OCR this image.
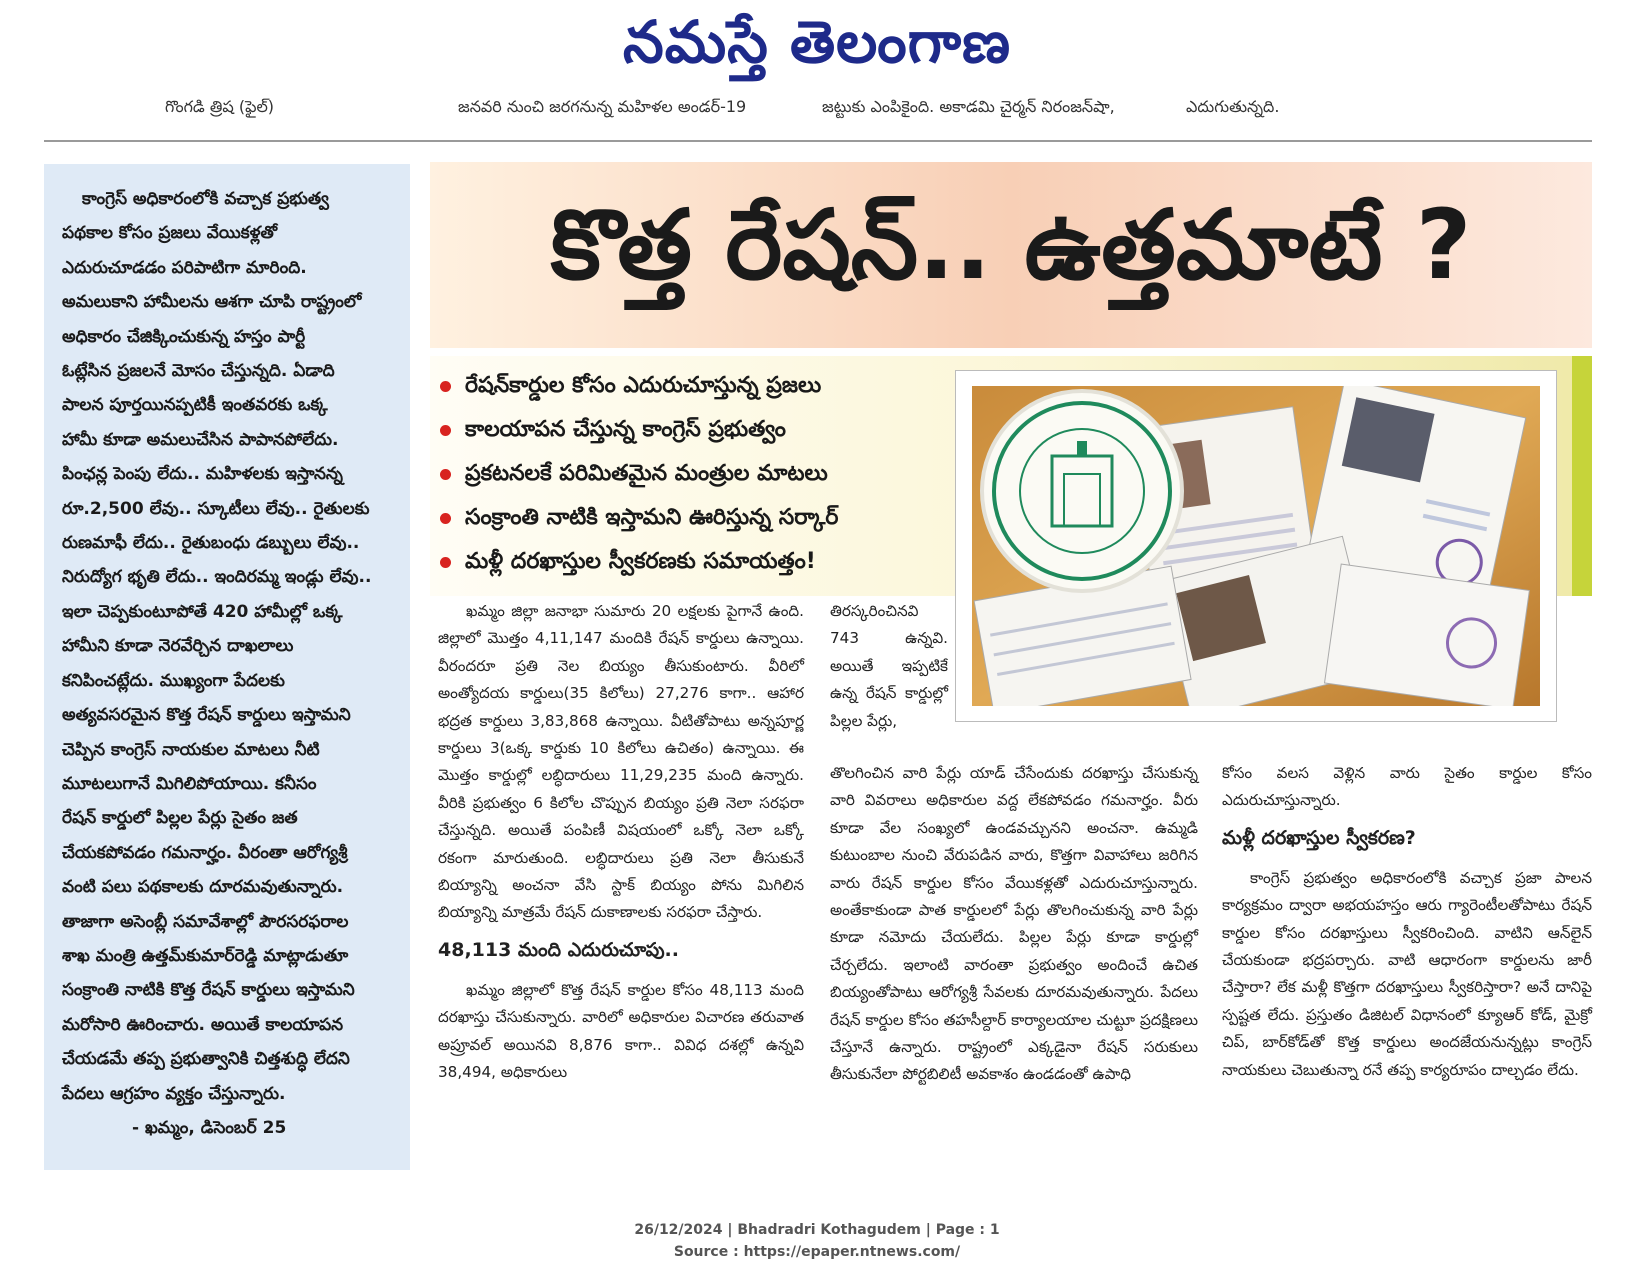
నమస్తే తెలంగాణ
గొంగడి త్రిష (ఫైల్)	జనవరి నుంచి జరగనున్న మహిళల అండర్-19	జట్టుకు ఎంపికైంది. అకాడమి చైర్మన్ నిరంజన్‌షా,	ఎదుగుతున్నది.

కాంగ్రెస్ అధికారంలోకి వచ్చాక ప్రభుత్వ

పథకాల కోసం ప్రజలు వేయికళ్లతో

ఎదురుచూడడం పరిపాటిగా మారింది.

అమలుకాని హామీలను ఆశగా చూపి రాష్ట్రంలో

అధికారం చేజిక్కించుకున్న హస్తం పార్టీ

ఓట్లేసిన ప్రజలనే మోసం చేస్తున్నది. ఏడాది

పాలన పూర్తయినప్పటికీ ఇంతవరకు ఒక్క

హామీ కూడా అమలుచేసిన పాపానపోలేదు.

పింఛన్ల పెంపు లేదు.. మహిళలకు ఇస్తానన్న

రూ.2,500 లేవు.. స్కూటీలు లేవు.. రైతులకు

రుణమాఫీ లేదు.. రైతుబంధు డబ్బులు లేవు..

నిరుద్యోగ భృతి లేదు.. ఇందిరమ్మ ఇండ్లు లేవు..

ఇలా చెప్పకుంటూపోతే 420 హామీల్లో ఒక్క

హామీని కూడా నెరవేర్చిన దాఖలాలు

కనిపించట్లేదు. ముఖ్యంగా పేదలకు

అత్యవసరమైన కొత్త రేషన్ కార్డులు ఇస్తామని

చెప్పిన కాంగ్రెస్ నాయకుల మాటలు నీటి

మూటలుగానే మిగిలిపోయాయి. కనీసం

రేషన్ కార్డులో పిల్లల పేర్లు సైతం జత

చేయకపోవడం గమనార్హం. వీరంతా ఆరోగ్యశ్రీ

వంటి పలు పథకాలకు దూరమవుతున్నారు.

తాజాగా అసెంబ్లీ సమావేశాల్లో పౌరసరఫరాల

శాఖ మంత్రి ఉత్తమ్‌కుమార్‌రెడ్డి మాట్లాడుతూ

సంక్రాంతి నాటికి కొత్త రేషన్ కార్డులు ఇస్తామని

మరోసారి ఊరించారు. అయితే కాలయాపన

చేయడమే తప్ప ప్రభుత్వానికి చిత్తశుద్ధి లేదని

పేదలు ఆగ్రహం వ్యక్తం చేస్తున్నారు.

- ఖమ్మం, డిసెంబర్ 25

కొత్త రేషన్.. ఉత్తమాటే ?
రేషన్‌కార్డుల కోసం ఎదురుచూస్తున్న ప్రజలు
కాలయాపన చేస్తున్న కాంగ్రెస్ ప్రభుత్వం
ప్రకటనలకే పరిమితమైన మంత్రుల మాటలు
సంక్రాంతి నాటికి ఇస్తామని ఊరిస్తున్న సర్కార్
మళ్లీ దరఖాస్తుల స్వీకరణకు సమాయత్తం!

ఖమ్మం జిల్లా జనాభా సుమారు 20 లక్షలకు పైగానే ఉంది. జిల్లాలో మొత్తం 4,11,147 మందికి రేషన్ కార్డులు ఉన్నాయి. వీరందరూ ప్రతి నెల బియ్యం తీసుకుంటారు. వీరిలో అంత్యోదయ కార్డులు(35 కిలోలు) 27,276 కాగా.. ఆహార భద్రత కార్డులు 3,83,868 ఉన్నాయి. వీటితోపాటు అన్నపూర్ణ కార్డులు 3(ఒక్క కార్డుకు 10 కిలోలు ఉచితం) ఉన్నాయి. ఈ మొత్తం కార్డుల్లో లబ్ధిదారులు 11,29,235 మంది ఉన్నారు. వీరికి ప్రభుత్వం 6 కిలోల చొప్పున బియ్యం ప్రతి నెలా సరఫరా చేస్తున్నది. అయితే పంపిణీ విషయంలో ఒక్కో నెలా ఒక్కో రకంగా మారుతుంది. లబ్ధిదారులు ప్రతి నెలా తీసుకునే బియ్యాన్ని అంచనా వేసి స్టాక్ బియ్యం పోను మిగిలిన బియ్యాన్ని మాత్రమే రేషన్ దుకాణాలకు సరఫరా చేస్తారు.

48,113 మంది ఎదురుచూపు..

ఖమ్మం జిల్లాలో కొత్త రేషన్ కార్డుల కోసం 48,113 మంది దరఖాస్తు చేసుకున్నారు. వారిలో అధికారుల విచారణ తరువాత అప్రూవల్ అయినవి 8,876 కాగా.. వివిధ దశల్లో ఉన్నవి 38,494, అధికారులు

తిరస్కరించినవి 743 ఉన్నవి. అయితే ఇప్పటికే ఉన్న రేషన్ కార్డుల్లో పిల్లల పేర్లు,

తొలగించిన వారి పేర్లు యాడ్ చేసేందుకు దరఖాస్తు చేసుకున్న వారి వివరాలు అధికారుల వద్ద లేకపోవడం గమనార్హం. వీరు కూడా వేల సంఖ్యలో ఉండవచ్చునని అంచనా. ఉమ్మడి కుటుంబాల నుంచి వేరుపడిన వారు, కొత్తగా వివాహాలు జరిగిన వారు రేషన్ కార్డుల కోసం వేయికళ్లతో ఎదురుచూస్తున్నారు. అంతేకాకుండా పాత కార్డులలో పేర్లు తొలగించుకున్న వారి పేర్లు కూడా నమోదు చేయలేదు. పిల్లల పేర్లు కూడా కార్డుల్లో చేర్చలేదు. ఇలాంటి వారంతా ప్రభుత్వం అందించే ఉచిత బియ్యంతోపాటు ఆరోగ్యశ్రీ సేవలకు దూరమవుతున్నారు. పేదలు రేషన్ కార్డుల కోసం తహసీల్దార్ కార్యాలయాల చుట్టూ ప్రదక్షిణలు చేస్తూనే ఉన్నారు. రాష్ట్రంలో ఎక్కడైనా రేషన్ సరుకులు తీసుకునేలా పోర్టబిలిటీ అవకాశం ఉండడంతో ఉపాధి

కోసం వలస వెళ్లిన వారు సైతం కార్డుల కోసం ఎదురుచూస్తున్నారు.

మళ్లీ దరఖాస్తుల స్వీకరణ?

కాంగ్రెస్ ప్రభుత్వం అధికారంలోకి వచ్చాక ప్రజా పాలన కార్యక్రమం ద్వారా అభయహస్తం ఆరు గ్యారెంటీలతోపాటు రేషన్ కార్డుల కోసం దరఖాస్తులు స్వీకరించింది. వాటిని ఆన్‌లైన్ చేయకుండా భద్రపర్చారు. వాటి ఆధారంగా కార్డులను జారీ చేస్తారా? లేక మళ్లీ కొత్తగా దరఖాస్తులు స్వీకరిస్తారా? అనే దానిపై స్పష్టత లేదు. ప్రస్తుతం డిజిటల్ విధానంలో క్యూఆర్ కోడ్, మైక్రో చిప్, బార్‌కోడ్‌తో కొత్త కార్డులు అందజేయనున్నట్లు కాంగ్రెస్ నాయకులు చెబుతున్నా రనే తప్ప కార్యరూపం దాల్చడం లేదు.

26/12/2024 | Bhadradri Kothagudem | Page : 1
Source : https://epaper.ntnews.com/
